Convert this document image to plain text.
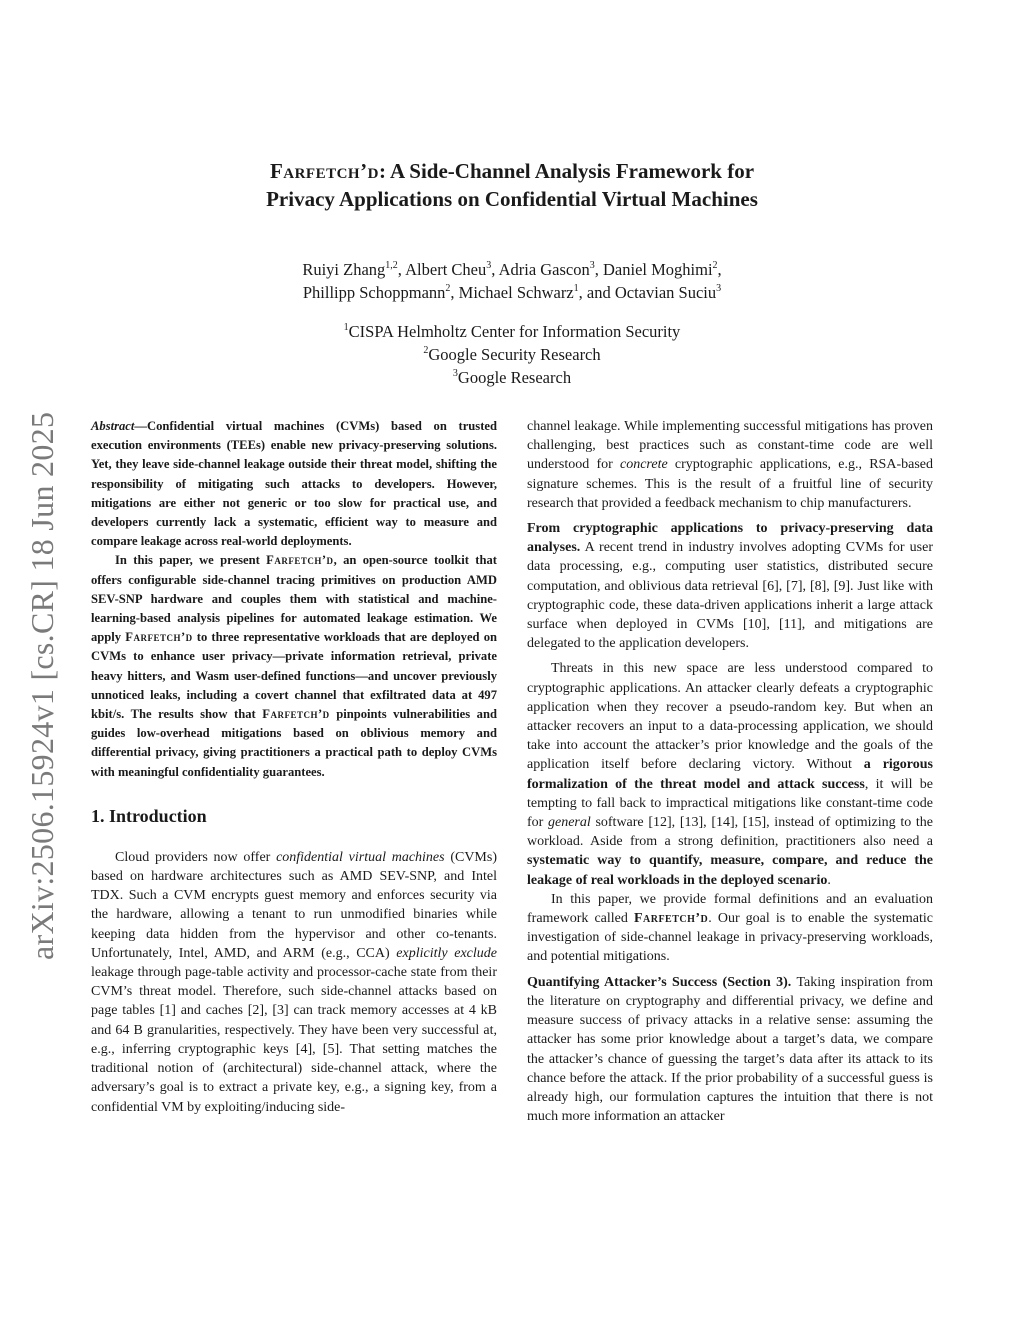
arXiv:2506.15924v1 [cs.CR] 18 Jun 2025
Farfetch’d: A Side-Channel Analysis Framework for
Privacy Applications on Confidential Virtual Machines
Ruiyi Zhang$^{1,2}$, Albert Cheu$^3$, Adria Gascon$^3$, Daniel Moghimi$^2$,
Phillipp Schoppmann$^2$, Michael Schwarz$^1$, and Octavian Suciu$^3$
$^1$CISPA Helmholtz Center for Information Security
$^2$Google Security Research
$^3$Google Research

Abstract—Confidential virtual machines (CVMs) based on trusted execution environments (TEEs) enable new privacy-preserving solutions. Yet, they leave side-channel leakage outside their threat model, shifting the responsibility of mitigating such attacks to developers. However, mitigations are either not generic or too slow for practical use, and developers currently lack a systematic, efficient way to measure and compare leakage across real-world deployments.

In this paper, we present Farfetch’d, an open-source toolkit that offers configurable side-channel tracing primitives on production AMD SEV-SNP hardware and couples them with statistical and machine-learning-based analysis pipelines for automated leakage estimation. We apply Farfetch’d to three representative workloads that are deployed on CVMs to enhance user privacy—private information retrieval, private heavy hitters, and Wasm user-defined functions—and uncover previously unnoticed leaks, including a covert channel that exfiltrated data at 497 kbit/s. The results show that Farfetch’d pinpoints vulnerabilities and guides low-overhead mitigations based on oblivious memory and differential privacy, giving practitioners a practical path to deploy CVMs with meaningful confidentiality guarantees.

1. Introduction

Cloud providers now offer confidential virtual machines (CVMs) based on hardware architectures such as AMD SEV-SNP, and Intel TDX. Such a CVM encrypts guest memory and enforces security via the hardware, allowing a tenant to run unmodified binaries while keeping data hidden from the hypervisor and other co-tenants. Unfortunately, Intel, AMD, and ARM (e.g., CCA) explicitly exclude leakage through page-table activity and processor-cache state from their CVM’s threat model. Therefore, such side-channel attacks based on page tables [1] and caches [2], [3] can track memory accesses at 4 kB and 64 B granularities, respectively. They have been very successful at, e.g., inferring cryptographic keys [4], [5]. That setting matches the traditional notion of (architectural) side-channel attack, where the adversary’s goal is to extract a private key, e.g., a signing key, from a confidential VM by exploiting/inducing side-

channel leakage. While implementing successful mitigations has proven challenging, best practices such as constant-time code are well understood for concrete cryptographic applications, e.g., RSA-based signature schemes. This is the result of a fruitful line of security research that provided a feedback mechanism to chip manufacturers.

From cryptographic applications to privacy-preserving data analyses. A recent trend in industry involves adopting CVMs for user data processing, e.g., computing user statistics, distributed secure computation, and oblivious data retrieval [6], [7], [8], [9]. Just like with cryptographic code, these data-driven applications inherit a large attack surface when deployed in CVMs [10], [11], and mitigations are delegated to the application developers.

Threats in this new space are less understood compared to cryptographic applications. An attacker clearly defeats a cryptographic application when they recover a pseudo-random key. But when an attacker recovers an input to a data-processing application, we should take into account the attacker’s prior knowledge and the goals of the application itself before declaring victory. Without a rigorous formalization of the threat model and attack success, it will be tempting to fall back to impractical mitigations like constant-time code for general software [12], [13], [14], [15], instead of optimizing to the workload. Aside from a strong definition, practitioners also need a systematic way to quantify, measure, compare, and reduce the leakage of real workloads in the deployed scenario.

In this paper, we provide formal definitions and an evaluation framework called Farfetch’d. Our goal is to enable the systematic investigation of side-channel leakage in privacy-preserving workloads, and potential mitigations.

Quantifying Attacker’s Success (Section 3). Taking inspiration from the literature on cryptography and differential privacy, we define and measure success of privacy attacks in a relative sense: assuming the attacker has some prior knowledge about a target’s data, we compare the attacker’s chance of guessing the target’s data after its attack to its chance before the attack. If the prior probability of a successful guess is already high, our formulation captures the intuition that there is not much more information an attacker
